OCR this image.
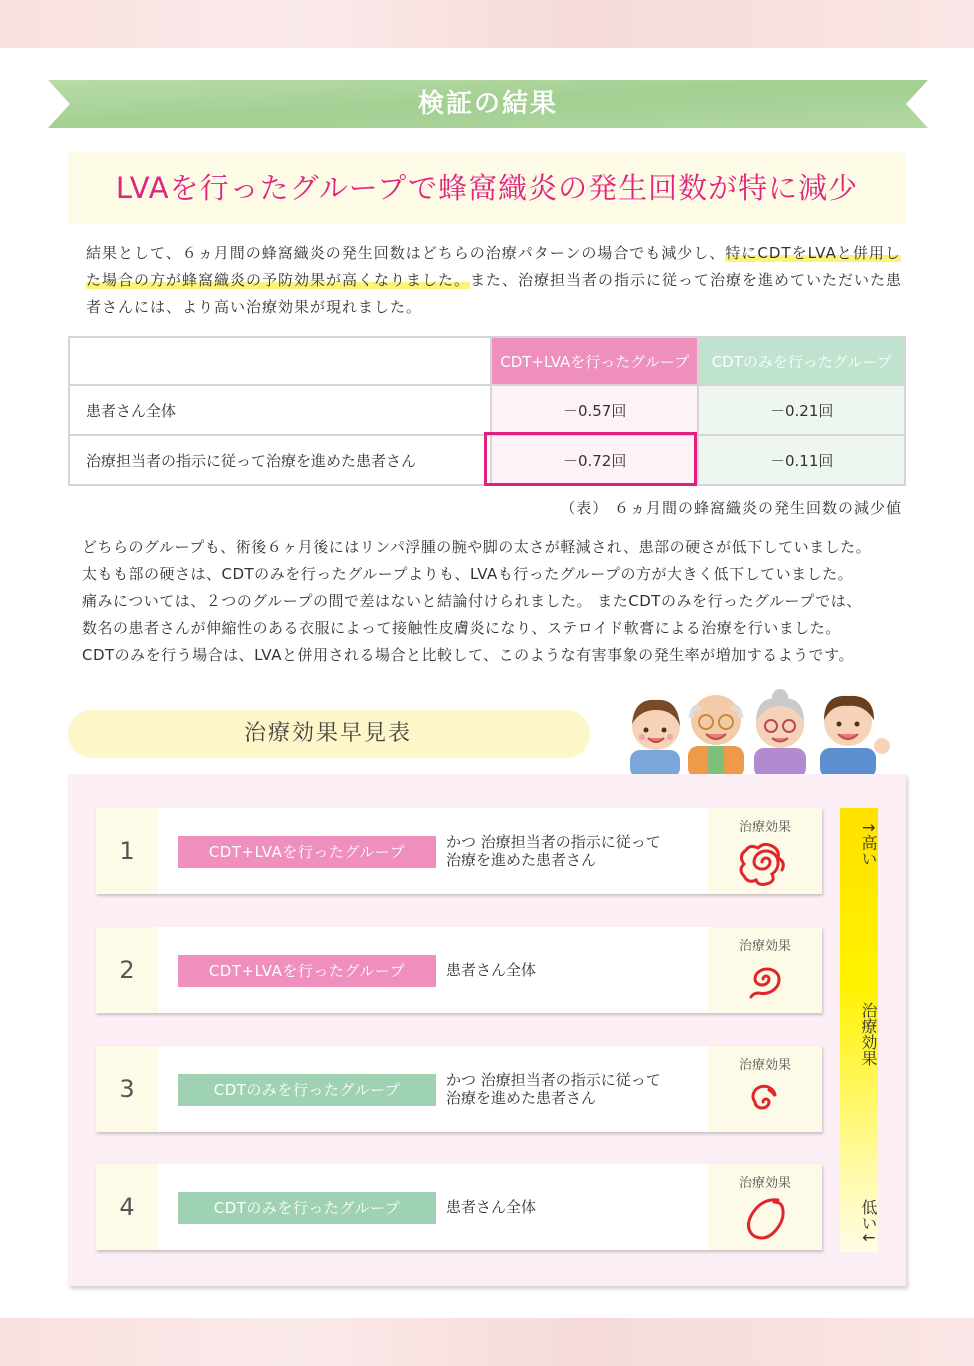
検証の結果
LVAを行ったグループで蜂窩織炎の発生回数が特に減少
結果として、６ヵ月間の蜂窩織炎の発生回数はどちらの治療パターンの場合でも減少し、特にCDTをLVAと併用した場合の方が蜂窩織炎の予防効果が高くなりました。また、治療担当者の指示に従って治療を進めていただいた患者さんには、より高い治療効果が現れました。
	CDT+LVAを行ったグループ	CDTのみを行ったグループ
患者さん全体	－0.57回	－0.21回
治療担当者の指示に従って治療を進めた患者さん	－0.72回	－0.11回
（表） ６ヵ月間の蜂窩織炎の発生回数の減少値

どちらのグループも、術後６ヶ月後にはリンパ浮腫の腕や脚の太さが軽減され、患部の硬さが低下していました。

太もも部の硬さは、CDTのみを行ったグループよりも、LVAも行ったグループの方が大きく低下していました。

痛みについては、２つのグループの間で差はないと結論付けられました。 またCDTのみを行ったグループでは、

数名の患者さんが伸縮性のある衣服によって接触性皮膚炎になり、ステロイド軟膏による治療を行いました。

CDTのみを行う場合は、LVAと併用される場合と比較して、このような有害事象の発生率が増加するようです。

治療効果早見表
1	CDT+LVAを行ったグループ
かつ 治療担当者の指示に従って
治療を進めた患者さん
治療効果
2	CDT+LVAを行ったグループ	患者さん全体
治療効果
3	CDTのみを行ったグループ
かつ 治療担当者の指示に従って
治療を進めた患者さん
治療効果
4	CDTのみを行ったグループ	患者さん全体
治療効果
↑高い
治療効果
低い↓
